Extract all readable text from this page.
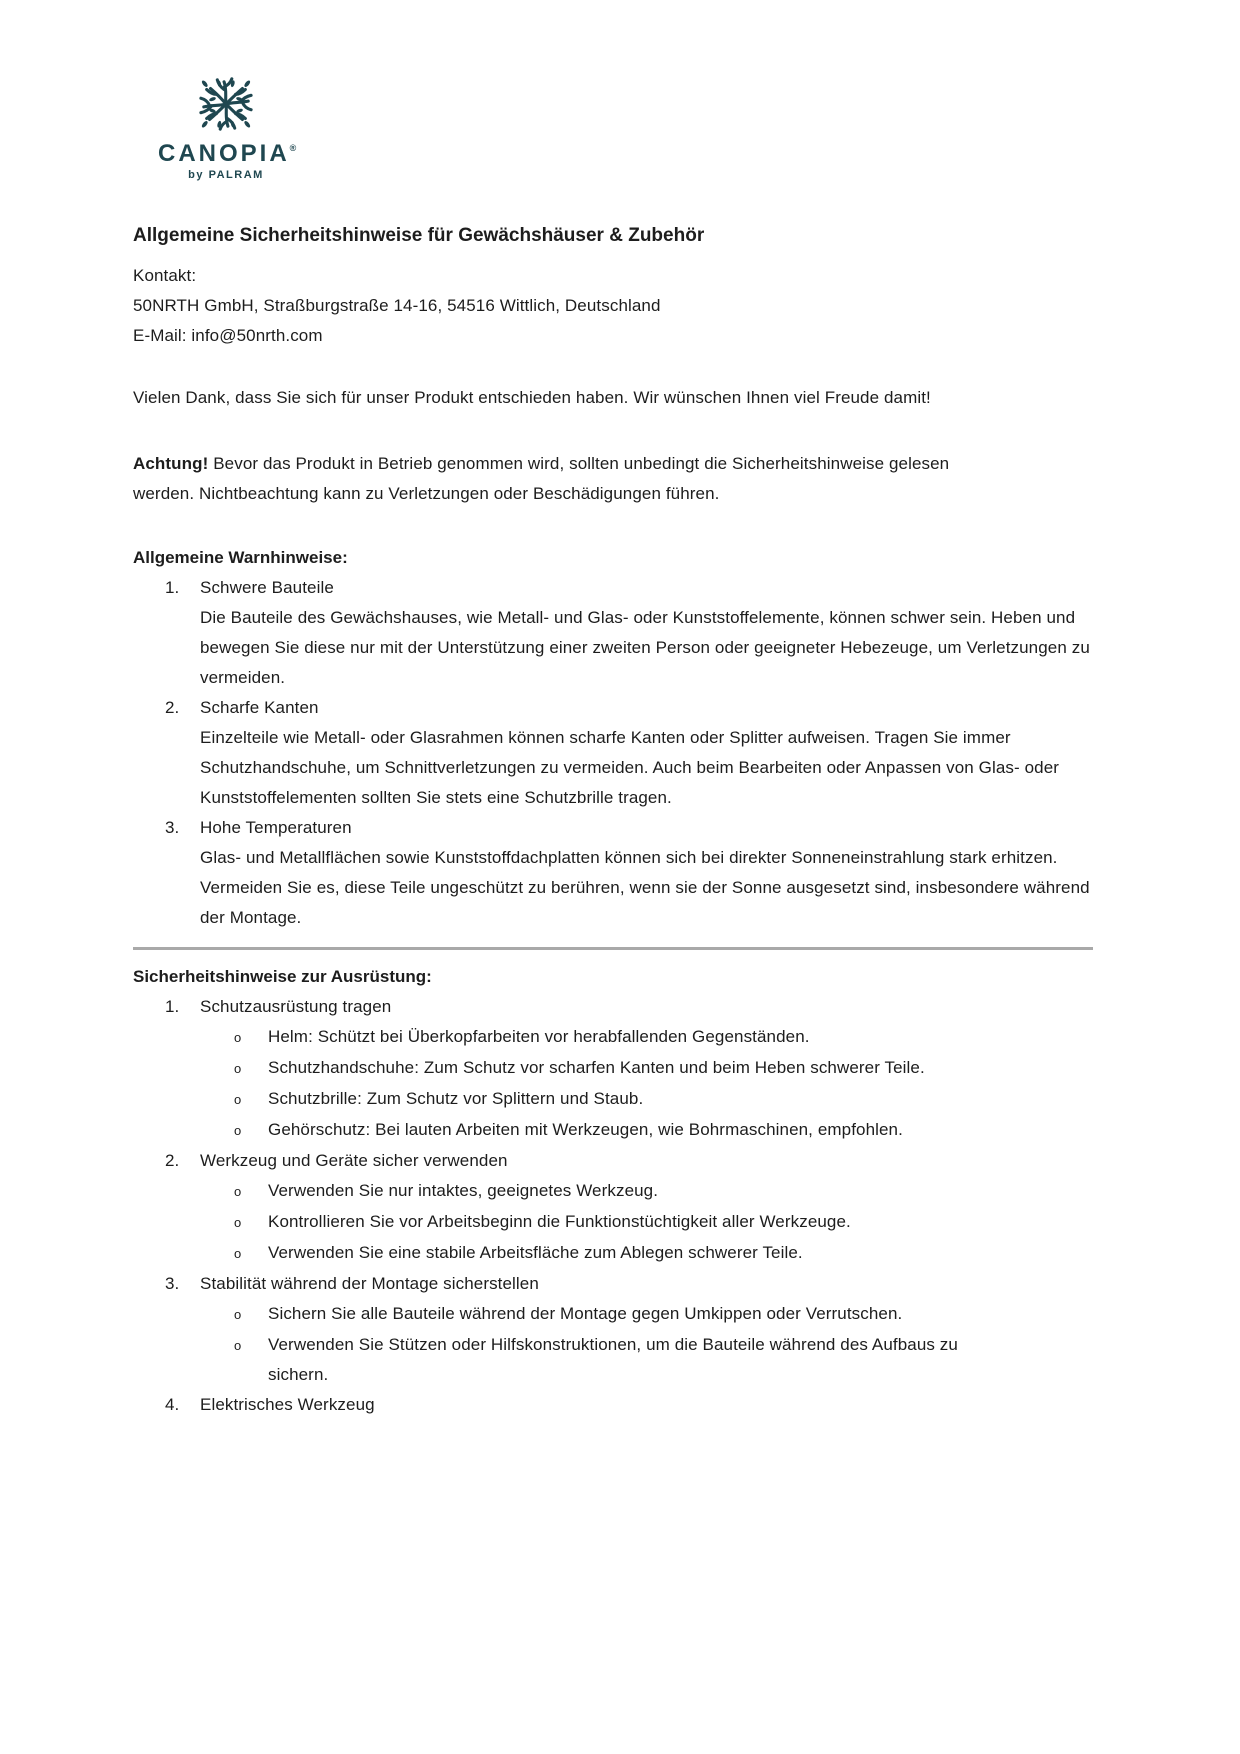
CANOPIA®
by PALRAM
Allgemeine Sicherheitshinweise für Gewächshäuser & Zubehör
Kontakt:
50NRTH GmbH, Straßburgstraße 14-16, 54516 Wittlich, Deutschland
E-Mail: info@50nrth.com
Vielen Dank, dass Sie sich für unser Produkt entschieden haben. Wir wünschen Ihnen viel Freude damit!
Achtung! Bevor das Produkt in Betrieb genommen wird, sollten unbedingt die Sicherheitshinweise gelesen werden. Nichtbeachtung kann zu Verletzungen oder Beschädigungen führen.
Allgemeine Warnhinweise:
1.	Schwere Bauteile
Die Bauteile des Gewächshauses, wie Metall- und Glas- oder Kunststoffelemente, können schwer sein. Heben und bewegen Sie diese nur mit der Unterstützung einer zweiten Person oder geeigneter Hebezeuge, um Verletzungen zu vermeiden.
2.	Scharfe Kanten
Einzelteile wie Metall- oder Glasrahmen können scharfe Kanten oder Splitter aufweisen. Tragen Sie immer Schutzhandschuhe, um Schnittverletzungen zu vermeiden. Auch beim Bearbeiten oder Anpassen von Glas- oder Kunststoffelementen sollten Sie stets eine Schutzbrille tragen.
3.	Hohe Temperaturen
Glas- und Metallflächen sowie Kunststoffdachplatten können sich bei direkter Sonneneinstrahlung stark erhitzen. Vermeiden Sie es, diese Teile ungeschützt zu berühren, wenn sie der Sonne ausgesetzt sind, insbesondere während der Montage.
Sicherheitshinweise zur Ausrüstung:
1.	Schutzausrüstung tragen
o	Helm: Schützt bei Überkopfarbeiten vor herabfallenden Gegenständen.
o	Schutzhandschuhe: Zum Schutz vor scharfen Kanten und beim Heben schwerer Teile.
o	Schutzbrille: Zum Schutz vor Splittern und Staub.
o	Gehörschutz: Bei lauten Arbeiten mit Werkzeugen, wie Bohrmaschinen, empfohlen.
2.	Werkzeug und Geräte sicher verwenden
o	Verwenden Sie nur intaktes, geeignetes Werkzeug.
o	Kontrollieren Sie vor Arbeitsbeginn die Funktionstüchtigkeit aller Werkzeuge.
o	Verwenden Sie eine stabile Arbeitsfläche zum Ablegen schwerer Teile.
3.	Stabilität während der Montage sicherstellen
o	Sichern Sie alle Bauteile während der Montage gegen Umkippen oder Verrutschen.
o	Verwenden Sie Stützen oder Hilfskonstruktionen, um die Bauteile während des Aufbaus zu sichern.
4.	Elektrisches Werkzeug
